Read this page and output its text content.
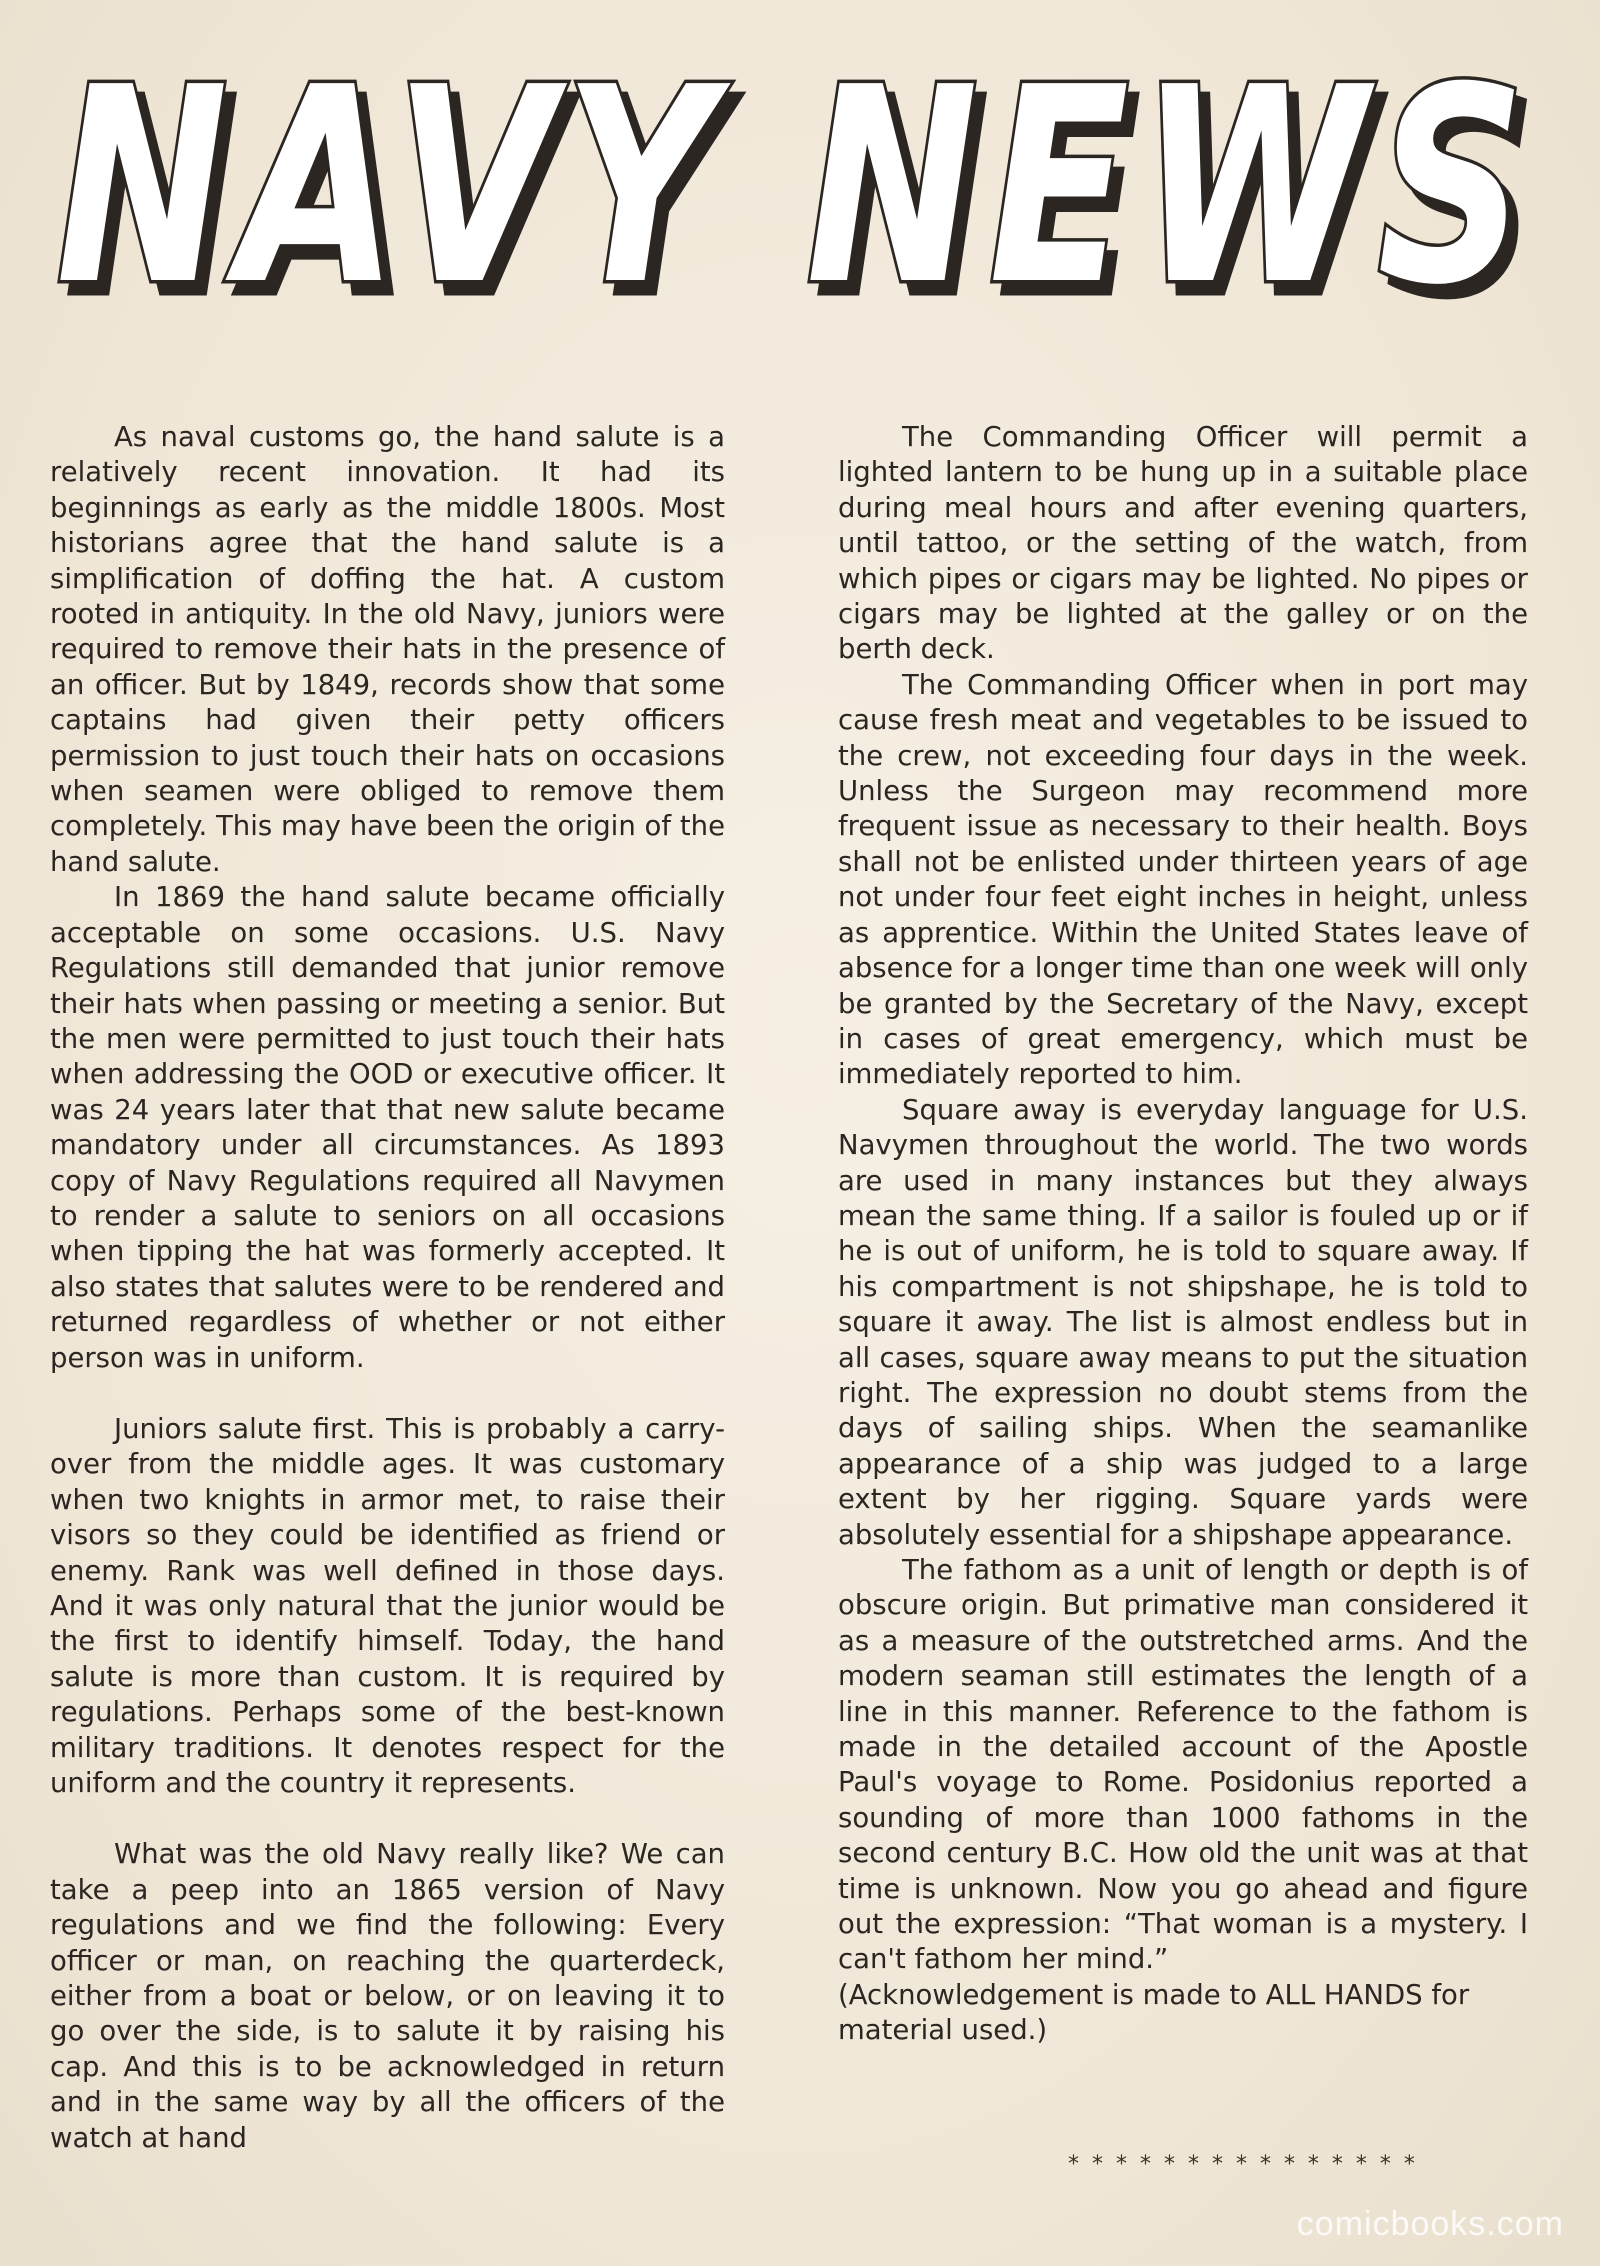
NAVY NEWS
NAVY NEWS

As naval customs go, the hand salute is a relatively recent innovation. It had its beginnings as early as the middle 1800s. Most historians agree that the hand salute is a simplification of doffing the hat. A custom rooted in antiquity. In the old Navy, juniors were required to remove their hats in the presence of an officer. But by 1849, records show that some captains had given their petty officers permission to just touch their hats on occasions when seamen were obliged to remove them completely. This may have been the origin of the hand salute.

In 1869 the hand salute became officially acceptable on some occasions. U.S. Navy Regulations still demanded that junior remove their hats when passing or meeting a senior. But the men were permitted to just touch their hats when addressing the OOD or executive officer. It was 24 years later that that new salute became mandatory under all circumstances. As 1893 copy of Navy Regulations required all Navymen to render a salute to seniors on all occasions when tipping the hat was formerly accepted. It also states that salutes were to be rendered and returned regardless of whether or not either person was in uniform.

Juniors salute first. This is probably a carry-over from the middle ages. It was customary when two knights in armor met, to raise their visors so they could be identified as friend or enemy. Rank was well defined in those days. And it was only natural that the junior would be the first to identify himself. Today, the hand salute is more than custom. It is required by regulations. Perhaps some of the best-known military traditions. It denotes respect for the uniform and the country it represents.

What was the old Navy really like? We can take a peep into an 1865 version of Navy regulations and we find the following: Every officer or man, on reaching the quarterdeck, either from a boat or below, or on leaving it to go over the side, is to salute it by raising his cap. And this is to be acknowledged in return and in the same way by all the officers of the watch at hand

The Commanding Officer will permit a lighted lantern to be hung up in a suitable place during meal hours and after evening quarters, until tattoo, or the setting of the watch, from which pipes or cigars may be lighted. No pipes or cigars may be lighted at the galley or on the berth deck.

The Commanding Officer when in port may cause fresh meat and vegetables to be issued to the crew, not exceeding four days in the week. Unless the Surgeon may recommend more frequent issue as necessary to their health. Boys shall not be enlisted under thirteen years of age not under four feet eight inches in height, unless as apprentice. Within the United States leave of absence for a longer time than one week will only be granted by the Secretary of the Navy, except in cases of great emergency, which must be immediately reported to him.

Square away is everyday language for U.S. Navymen throughout the world. The two words are used in many instances but they always mean the same thing. If a sailor is fouled up or if he is out of uniform, he is told to square away. If his compartment is not shipshape, he is told to square it away. The list is almost endless but in all cases, square away means to put the situation right. The expression no doubt stems from the days of sailing ships. When the seamanlike appearance of a ship was judged to a large extent by her rigging. Square yards were absolutely essential for a shipshape appearance.

The fathom as a unit of length or depth is of obscure origin. But primative man considered it as a measure of the outstretched arms. And the modern seaman still estimates the length of a line in this manner. Reference to the fathom is made in the detailed account of the Apostle Paul's voyage to Rome. Posidonius reported a sounding of more than 1000 fathoms in the second century B.C. How old the unit was at that time is unknown. Now you go ahead and figure out the expression: “That woman is a mystery. I can't fathom her mind.”

(Acknowledgement is made to ALL HANDS for material used.)

* * * * * * * * * * * * * * *
comicbooks.com
